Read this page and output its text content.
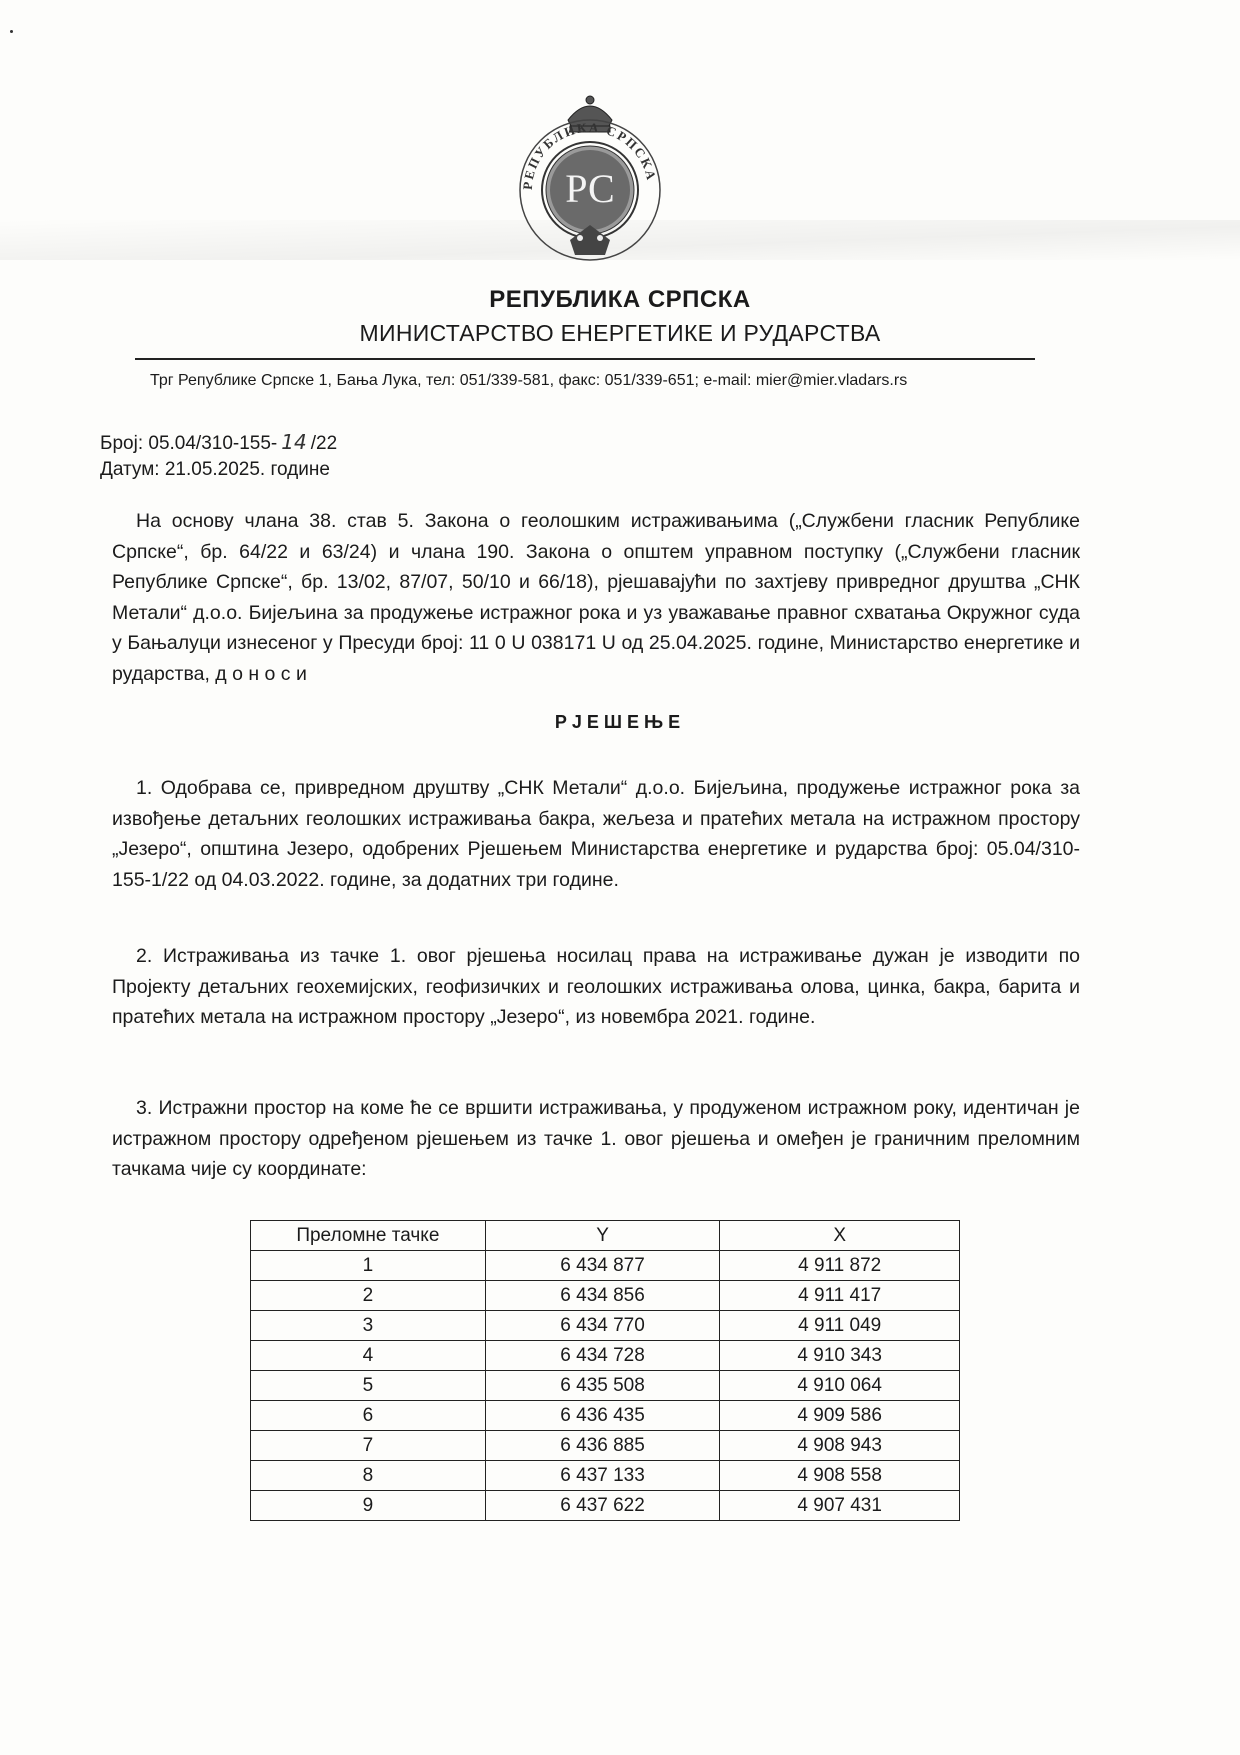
РЕПУБЛИКА СРПСКА
РС
РЕПУБЛИКА СРПСКА
МИНИСТАРСТВО ЕНЕРГЕТИКЕ И РУДАРСТВА
Трг Републике Српске 1, Бања Лука, тел: 051/339-581, факс: 051/339-651; e-mail: mier@mier.vladars.rs
Број: 05.04/310-155- 14 /22
Датум: 21.05.2025. године
На основу члана 38. став 5. Закона о геолошким истраживањима („Службени гласник Републике Српске“, бр. 64/22 и 63/24) и члана 190. Закона о општем управном поступку („Службени гласник Републике Српске“, бр. 13/02, 87/07, 50/10 и 66/18), рјешавајући по захтјеву привредног друштва „СНК Метали“ д.о.о. Бијељина за продужење истражног рока и уз уважавање правног схватања Окружног суда у Бањалуци изнесеног у Пресуди број: 11 0 U 038171 U од 25.04.2025. године, Министарство енергетике и рударства, д о н о с и
РЈЕШЕЊЕ
1. Одобрава се, привредном друштву „СНК Метали“ д.о.о. Бијељина, продужење истражног рока за извођење детаљних геолошких истраживања бакра, жељеза и пратећих метала на истражном простору „Језеро“, општина Језеро, одобрених Рјешењем Министарства енергетике и рударства број: 05.04/310-155-1/22 од 04.03.2022. године, за додатних три године.
2. Истраживања из тачке 1. овог рјешења носилац права на истраживање дужан је изводити по Пројекту детаљних геохемијских, геофизичких и геолошких истраживања олова, цинка, бакра, барита и пратећих метала на истражном простору „Језеро“, из новембра 2021. године.
3. Истражни простор на коме ће се вршити истраживања, у продуженом истражном року, идентичан је истражном простору одређеном рјешењем из тачке 1. овог рјешења и омеђен је граничним преломним тачкама чије су координате:
Преломне тачке	Y	X
1	6 434 877	4 911 872
2	6 434 856	4 911 417
3	6 434 770	4 911 049
4	6 434 728	4 910 343
5	6 435 508	4 910 064
6	6 436 435	4 909 586
7	6 436 885	4 908 943
8	6 437 133	4 908 558
9	6 437 622	4 907 431
